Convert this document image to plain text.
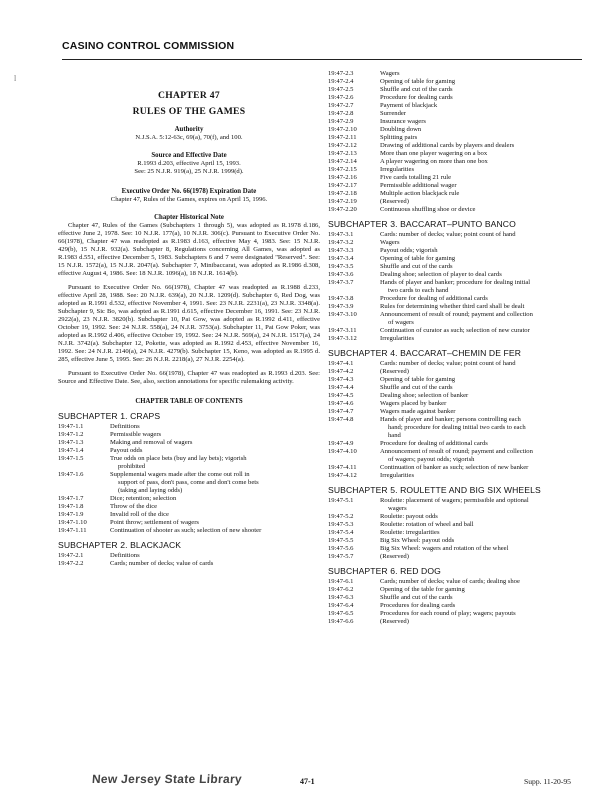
CASINO CONTROL COMMISSION
l
CHAPTER 47
RULES OF THE GAMES
Authority
N.J.S.A. 5:12-63c, 69(a), 70(f), and 100.
Source and Effective Date
R.1993 d.203, effective April 15, 1993.
See: 25 N.J.R. 919(a), 25 N.J.R. 1999(d).
Executive Order No. 66(1978) Expiration Date
Chapter 47, Rules of the Games, expires on April 15, 1996.
Chapter Historical Note

Chapter 47, Rules of the Games (Subchapters 1 through 5), was adopted as R.1978 d.186, effective June 2, 1978. See: 10 N.J.R. 177(a), 10 N.J.R. 306(c). Pursuant to Executive Order No. 66(1978), Chapter 47 was readopted as R.1983 d.163, effective May 4, 1983. See: 15 N.J.R. 429(b), 15 N.J.R. 932(a). Subchapter 8, Regulations concerning All Games, was adopted as R.1983 d.551, effective December 5, 1983. Subchapters 6 and 7 were designated "Reserved". See: 15 N.J.R. 1572(a), 15 N.J.R. 2047(a). Subchapter 7, Minibaccarat, was adopted as R.1986 d.308, effective August 4, 1986. See: 18 N.J.R. 1096(a), 18 N.J.R. 1614(b).

Pursuant to Executive Order No. 66(1978), Chapter 47 was readopted as R.1988 d.233, effective April 28, 1988. See: 20 N.J.R. 639(a), 20 N.J.R. 1209(d). Subchapter 6, Red Dog, was adopted as R.1991 d.532, effective November 4, 1991. See: 23 N.J.R. 2231(a), 23 N.J.R. 3348(a). Subchapter 9, Sic Bo, was adopted as R.1991 d.615, effective December 16, 1991. See: 23 N.J.R. 2922(a), 23 N.J.R. 3820(b). Subchapter 10, Pai Gow, was adopted as R.1992 d.411, effective October 19, 1992. See: 24 N.J.R. 558(a), 24 N.J.R. 3753(a). Subchapter 11, Pai Gow Poker, was adopted as R.1992 d.406, effective October 19, 1992. See: 24 N.J.R. 569(a), 24 N.J.R. 1517(a), 24 N.J.R. 3742(a). Subchapter 12, Pokette, was adopted as R.1992 d.453, effective November 16, 1992. See: 24 N.J.R. 2140(a), 24 N.J.R. 4279(b). Subchapter 15, Keno, was adopted as R.1995 d. 285, effective June 5, 1995. See: 26 N.J.R. 2218(a), 27 N.J.R. 2254(a).

Pursuant to Executive Order No. 66(1978), Chapter 47 was readopted as R.1993 d.203. See: Source and Effective Date. See, also, section annotations for specific rulemaking activity.

CHAPTER TABLE OF CONTENTS
SUBCHAPTER 1. CRAPS
19:47-1.1	Definitions
19:47-1.2	Permissible wagers
19:47-1.3	Making and removal of wagers
19:47-1.4	Payout odds
19:47-1.5	True odds on place bets (buy and lay bets); vigorish
prohibited
19:47-1.6	Supplemental wagers made after the come out roll in
support of pass, don't pass, come and don't come bets
(taking and laying odds)
19:47-1.7	Dice; retention; selection
19:47-1.8	Throw of the dice
19:47-1.9	Invalid roll of the dice
19:47-1.10	Point throw; settlement of wagers
19:47-1.11	Continuation of shooter as such; selection of new shooter
SUBCHAPTER 2. BLACKJACK
19:47-2.1	Definitions
19:47-2.2	Cards; number of decks; value of cards
19:47-2.3	Wagers
19:47-2.4	Opening of table for gaming
19:47-2.5	Shuffle and cut of the cards
19:47-2.6	Procedure for dealing cards
19:47-2.7	Payment of blackjack
19:47-2.8	Surrender
19:47-2.9	Insurance wagers
19:47-2.10	Doubling down
19:47-2.11	Splitting pairs
19:47-2.12	Drawing of additional cards by players and dealers
19:47-2.13	More than one player wagering on a box
19:47-2.14	A player wagering on more than one box
19:47-2.15	Irregularities
19:47-2.16	Five cards totalling 21 rule
19:47-2.17	Permissible additional wager
19:47-2.18	Multiple action blackjack rule
19:47-2.19	(Reserved)
19:47-2.20	Continuous shuffling shoe or device
SUBCHAPTER 3. BACCARAT–PUNTO BANCO
19:47-3.1	Cards: number of decks; value; point count of hand
19:47-3.2	Wagers
19:47-3.3	Payout odds; vigorish
19:47-3.4	Opening of table for gaming
19:47-3.5	Shuffle and cut of the cards
19:47-3.6	Dealing shoe; selection of player to deal cards
19:47-3.7	Hands of player and banker; procedure for dealing initial
two cards to each hand
19:47-3.8	Procedure for dealing of additional cards
19:47-3.9	Rules for determining whether third card shall be dealt
19:47-3.10	Announcement of result of round; payment and collection
of wagers
19:47-3.11	Continuation of curator as such; selection of new curator
19:47-3.12	Irregularities
SUBCHAPTER 4. BACCARAT–CHEMIN DE FER
19:47-4.1	Cards: number of decks; value; point count of hand
19:47-4.2	(Reserved)
19:47-4.3	Opening of table for gaming
19:47-4.4	Shuffle and cut of the cards
19:47-4.5	Dealing shoe; selection of banker
19:47-4.6	Wagers placed by banker
19:47-4.7	Wagers made against banker
19:47-4.8	Hands of player and banker; persons controlling each
hand; procedure for dealing initial two cards to each
hand
19:47-4.9	Procedure for dealing of additional cards
19:47-4.10	Announcement of result of round; payment and collection
of wagers; payout odds; vigorish
19:47-4.11	Continuation of banker as such; selection of new banker
19:47-4.12	Irregularities
SUBCHAPTER 5. ROULETTE AND BIG SIX WHEELS
19:47-5.1	Roulette: placement of wagers; permissible and optional
wagers
19:47-5.2	Roulette: payout odds
19:47-5.3	Roulette: rotation of wheel and ball
19:47-5.4	Roulette: irregularities
19:47-5.5	Big Six Wheel: payout odds
19:47-5.6	Big Six Wheel: wagers and rotation of the wheel
19:47-5.7	(Reserved)
SUBCHAPTER 6. RED DOG
19:47-6.1	Cards; number of decks; value of cards; dealing shoe
19:47-6.2	Opening of the table for gaming
19:47-6.3	Shuffle and cut of the cards
19:47-6.4	Procedures for dealing cards
19:47-6.5	Procedures for each round of play; wagers; payouts
19:47-6.6	(Reserved)
New Jersey State Library	47-1	Supp. 11-20-95
